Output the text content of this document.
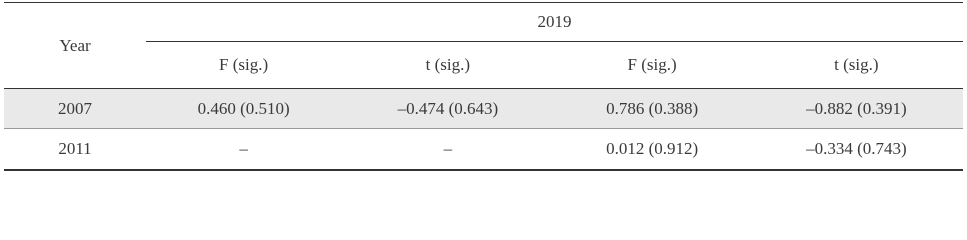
Year	2019			
	F (sig.)	t (sig.)	F (sig.)	t (sig.)
2007	0.460 (0.510)	–0.474 (0.643)	0.786 (0.388)	–0.882 (0.391)
2011	–	–	0.012 (0.912)	–0.334 (0.743)
